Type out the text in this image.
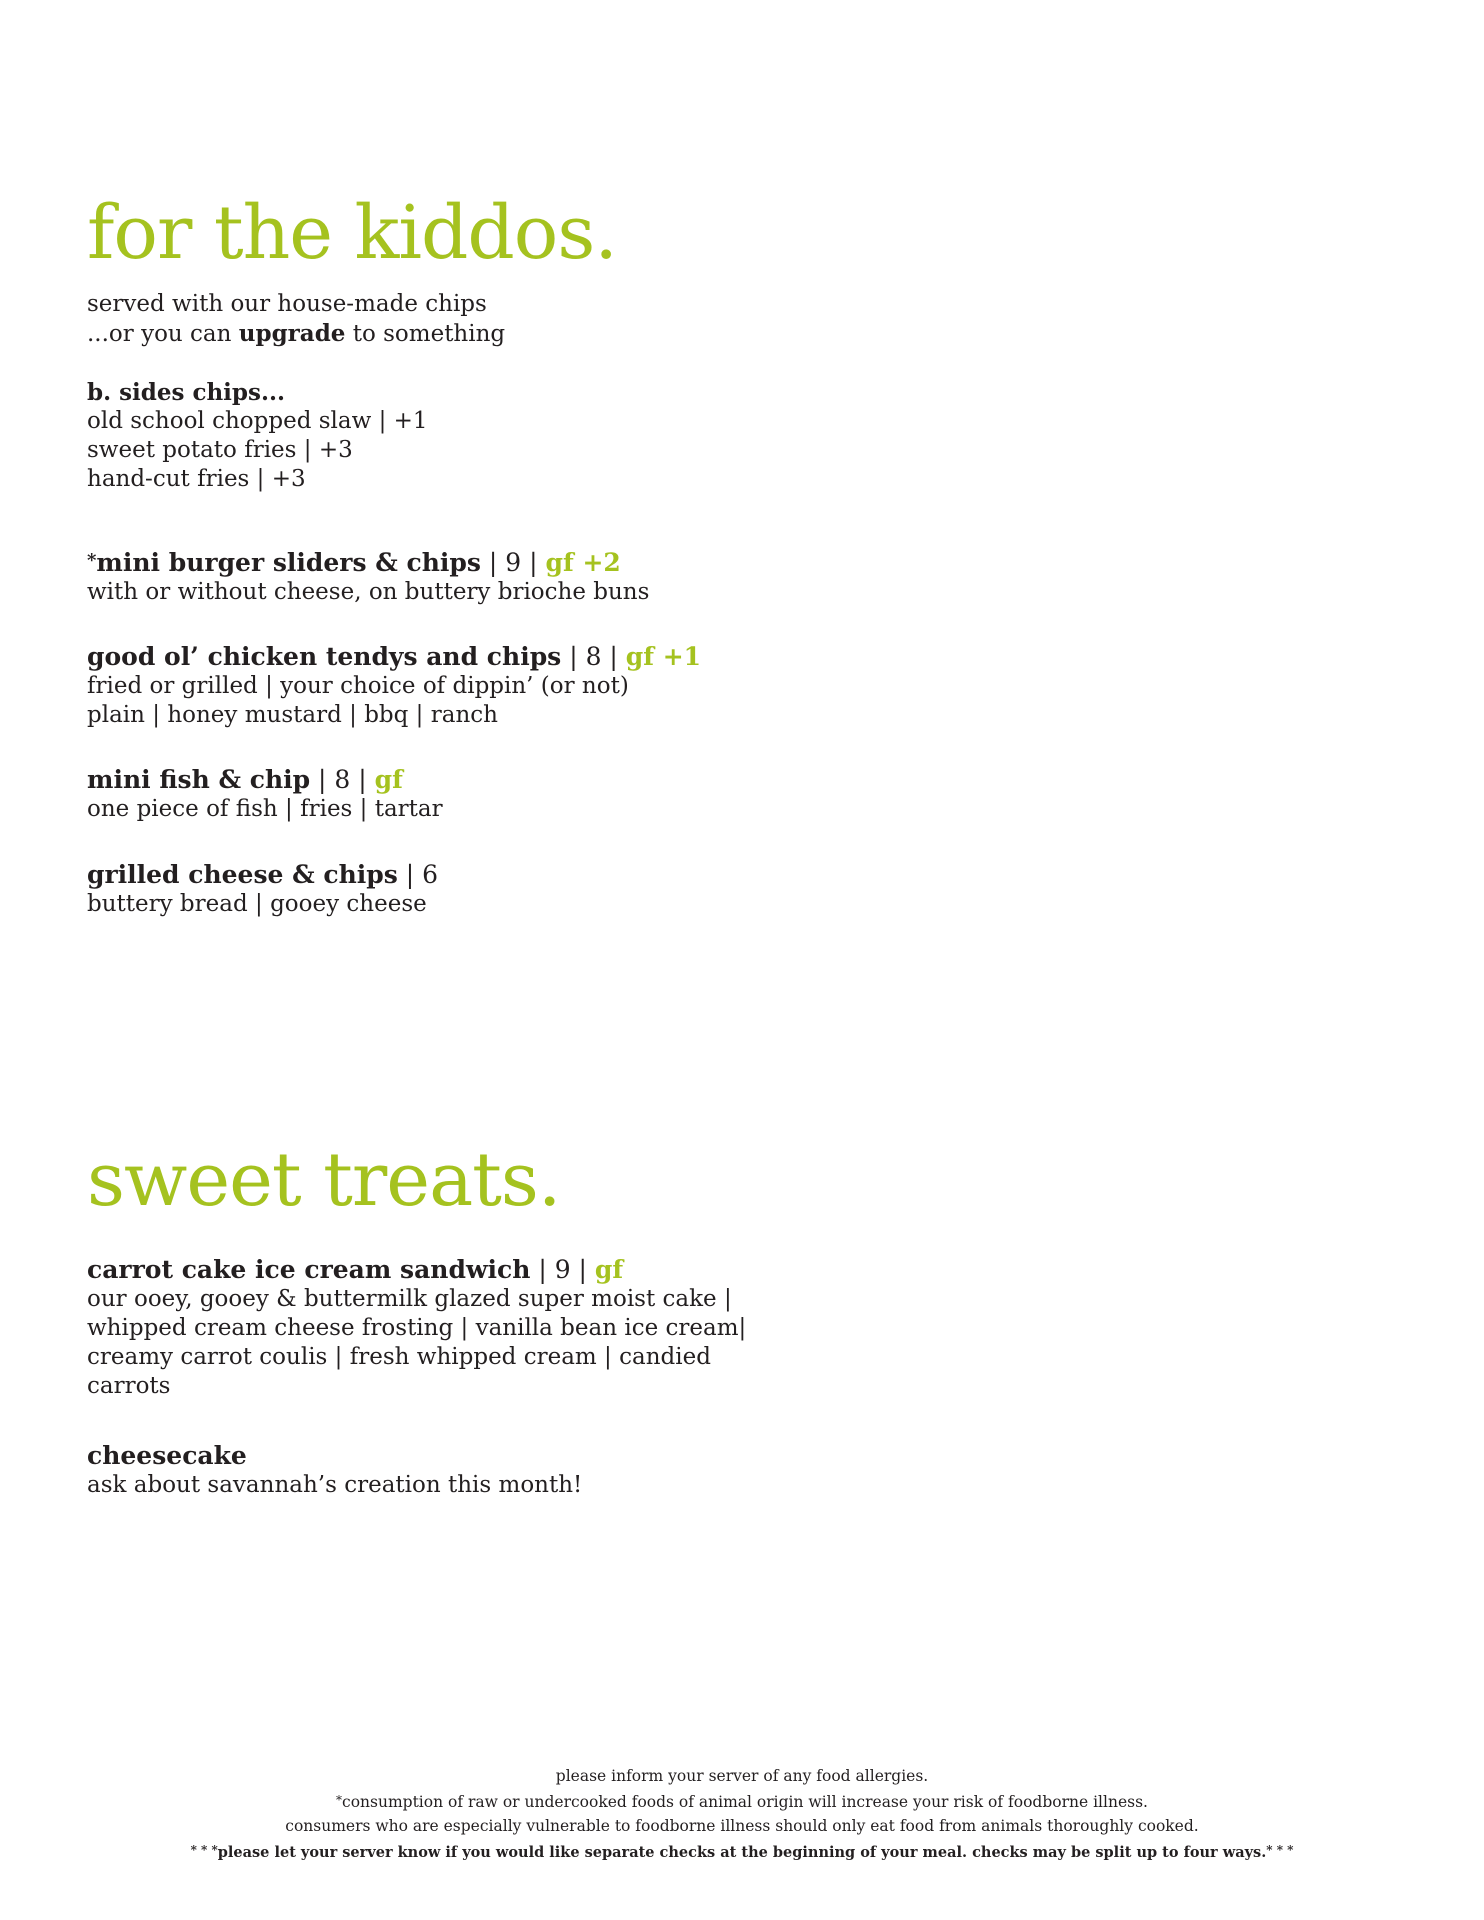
for the kiddos.

served with our house-made chips

...or you can upgrade to something

b. sides chips...

old school chopped slaw | +1

sweet potato fries | +3

hand-cut fries | +3

*mini burger sliders & chips | 9 | gf +2
with or without cheese, on buttery brioche buns
good ol’ chicken tendys and chips | 8 | gf +1
fried or grilled | your choice of dippin’ (or not)
plain | honey mustard | bbq | ranch
mini fish & chip | 8 | gf
one piece of fish | fries | tartar
grilled cheese & chips | 6
buttery bread | gooey cheese
sweet treats.
carrot cake ice cream sandwich | 9 | gf
our ooey, gooey & buttermilk glazed super moist cake |
whipped cream cheese frosting | vanilla bean ice cream|
creamy carrot coulis | fresh whipped cream | candied
carrots
cheesecake
ask about savannah’s creation this month!
please inform your server of any food allergies.
*consumption of raw or undercooked foods of animal origin will increase your risk of foodborne illness.
consumers who are especially vulnerable to foodborne illness should only eat food from animals thoroughly cooked.
* * *please let your server know if you would like separate checks at the beginning of your meal. checks may be split up to four ways.* * *
